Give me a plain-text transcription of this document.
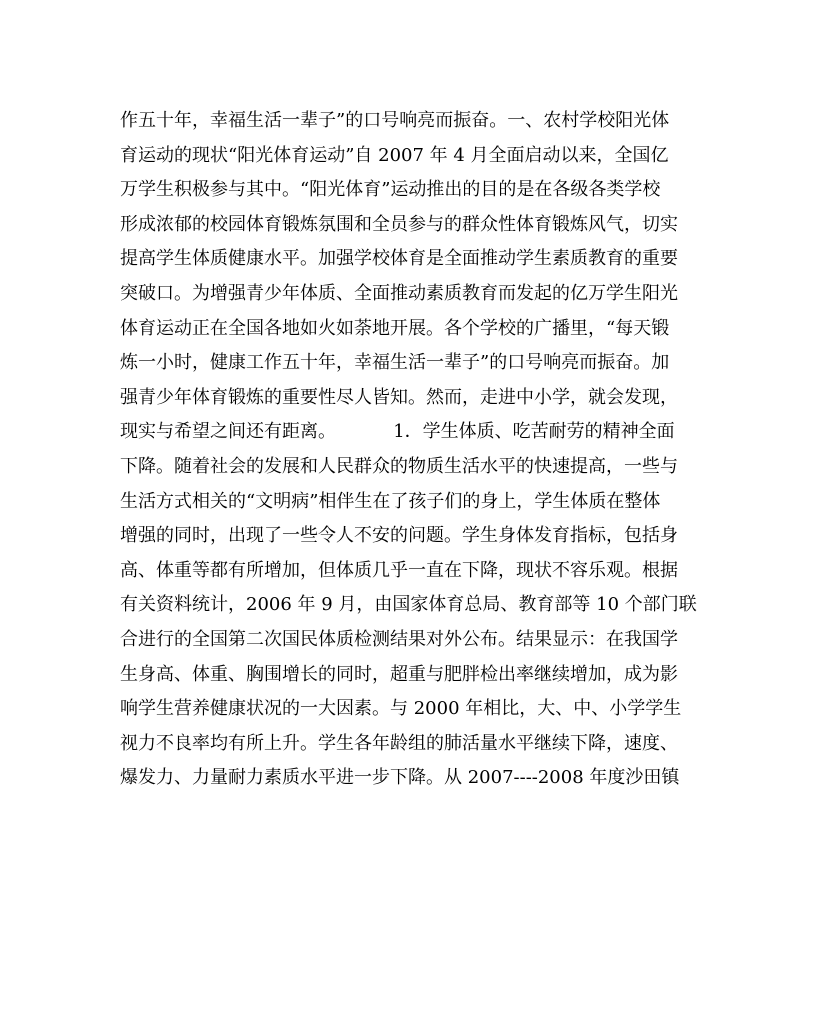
作五十年，幸福生活一辈子”的口号响亮而振奋。一、农村学校阳光体
育运动的现状“阳光体育运动”自 2007 年 4 月全面启动以来，全国亿
万学生积极参与其中。“阳光体育”运动推出的目的是在各级各类学校
形成浓郁的校园体育锻炼氛围和全员参与的群众性体育锻炼风气，切实
提高学生体质健康水平。加强学校体育是全面推动学生素质教育的重要
突破口。为增强青少年体质、全面推动素质教育而发起的亿万学生阳光
体育运动正在全国各地如火如荼地开展。各个学校的广播里，“每天锻
炼一小时，健康工作五十年，幸福生活一辈子”的口号响亮而振奋。加
强青少年体育锻炼的重要性尽人皆知。然而，走进中小学，就会发现，
现实与希望之间还有距离。          1．学生体质、吃苦耐劳的精神全面
下降。随着社会的发展和人民群众的物质生活水平的快速提高，一些与
生活方式相关的“文明病”相伴生在了孩子们的身上，学生体质在整体
增强的同时，出现了一些令人不安的问题。学生身体发育指标，包括身
高、体重等都有所增加，但体质几乎一直在下降，现状不容乐观。根据
有关资料统计，2006 年 9 月，由国家体育总局、教育部等 10 个部门联
合进行的全国第二次国民体质检测结果对外公布。结果显示：在我国学
生身高、体重、胸围增长的同时，超重与肥胖检出率继续增加，成为影
响学生营养健康状况的一大因素。与 2000 年相比，大、中、小学学生
视力不良率均有所上升。学生各年龄组的肺活量水平继续下降，速度、
爆发力、力量耐力素质水平进一步下降。从 2007----2008 年度沙田镇
